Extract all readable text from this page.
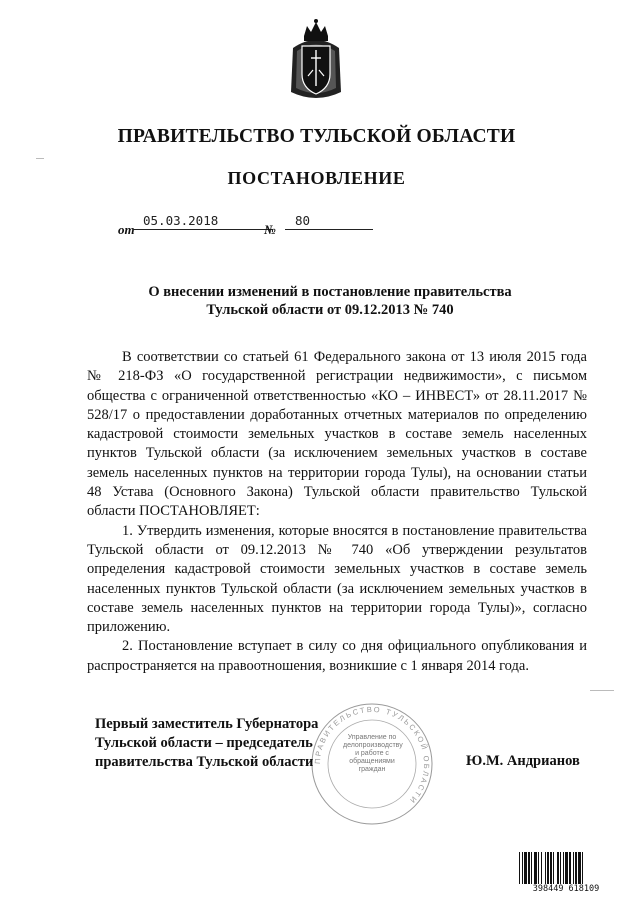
ПРАВИТЕЛЬСТВО ТУЛЬСКОЙ ОБЛАСТИ
ПОСТАНОВЛЕНИЕ
от
05.03.2018
№
80
О внесении изменений в постановление правительства
Тульской области от 09.12.2013 № 740

В соответствии со статьей 61 Федерального закона от 13 июля 2015 года № 218-ФЗ «О государственной регистрации недвижимости», с письмом общества с ограниченной ответственностью «КО – ИНВЕСТ» от 28.11.2017 № 528/17 о предоставлении доработанных отчетных материалов по определению кадастровой стоимости земельных участков в составе земель населенных пунктов Тульской области (за исключением земельных участков в составе земель населенных пунктов на территории города Тулы), на основании статьи 48 Устава (Основного Закона) Тульской области правительство Тульской области ПОСТАНОВЛЯЕТ:

1. Утвердить изменения, которые вносятся в постановление правительства Тульской области от 09.12.2013 № 740 «Об утверждении результатов определения кадастровой стоимости земельных участков в составе земель населенных пунктов Тульской области (за исключением земельных участков в составе земель населенных пунктов на территории города Тулы)», согласно приложению.

2. Постановление вступает в силу со дня официального опубликования и распространяется на правоотношения, возникшие с 1 января 2014 года.

ПРАВИТЕЛЬСТВО ТУЛЬСКОЙ ОБЛАСТИ
Управление по делопроизводству и работе с обращениями граждан
Первый заместитель Губернатора
Тульской области – председатель
правительства Тульской области	Ю.М. Андрианов
398449 618109
